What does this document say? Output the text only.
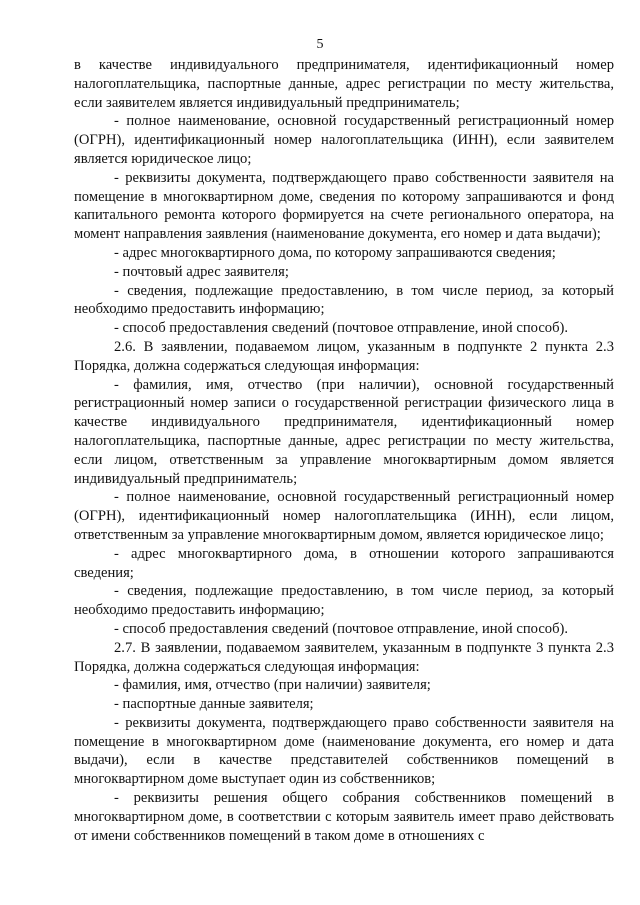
5

в качестве индивидуального предпринимателя, идентификационный номер налогоплательщика, паспортные данные, адрес регистрации по месту жительства, если заявителем является индивидуальный предприниматель;

- полное наименование, основной государственный регистрационный номер (ОГРН), идентификационный номер налогоплательщика (ИНН), если заявителем является юридическое лицо;

- реквизиты документа, подтверждающего право собственности заявителя на помещение в многоквартирном доме, сведения по которому запрашиваются и фонд капитального ремонта которого формируется на счете регионального оператора, на момент направления заявления (наименование документа, его номер и дата выдачи);

- адрес многоквартирного дома, по которому запрашиваются сведения;

- почтовый адрес заявителя;

- сведения, подлежащие предоставлению, в том числе период, за который необходимо предоставить информацию;

- способ предоставления сведений (почтовое отправление, иной способ).

2.6. В заявлении, подаваемом лицом, указанным в подпункте 2 пункта 2.3 Порядка, должна содержаться следующая информация:

- фамилия, имя, отчество (при наличии), основной государственный регистрационный номер записи о государственной регистрации физического лица в качестве индивидуального предпринимателя, идентификационный номер налогоплательщика, паспортные данные, адрес регистрации по месту жительства, если лицом, ответственным за управление многоквартирным домом является индивидуальный предприниматель;

- полное наименование, основной государственный регистрационный номер (ОГРН), идентификационный номер налогоплательщика (ИНН), если лицом, ответственным за управление многоквартирным домом, является юридическое лицо;

- адрес многоквартирного дома, в отношении которого запрашиваются сведения;

- сведения, подлежащие предоставлению, в том числе период, за который необходимо предоставить информацию;

- способ предоставления сведений (почтовое отправление, иной способ).

2.7. В заявлении, подаваемом заявителем, указанным в подпункте 3 пункта 2.3 Порядка, должна содержаться следующая информация:

- фамилия, имя, отчество (при наличии) заявителя;

- паспортные данные заявителя;

- реквизиты документа, подтверждающего право собственности заявителя на помещение в многоквартирном доме (наименование документа, его номер и дата выдачи), если в качестве представителей собственников помещений в многоквартирном доме выступает один из собственников;

- реквизиты решения общего собрания собственников помещений в многоквартирном доме, в соответствии с которым заявитель имеет право действовать от имени собственников помещений в таком доме в отношениях с
